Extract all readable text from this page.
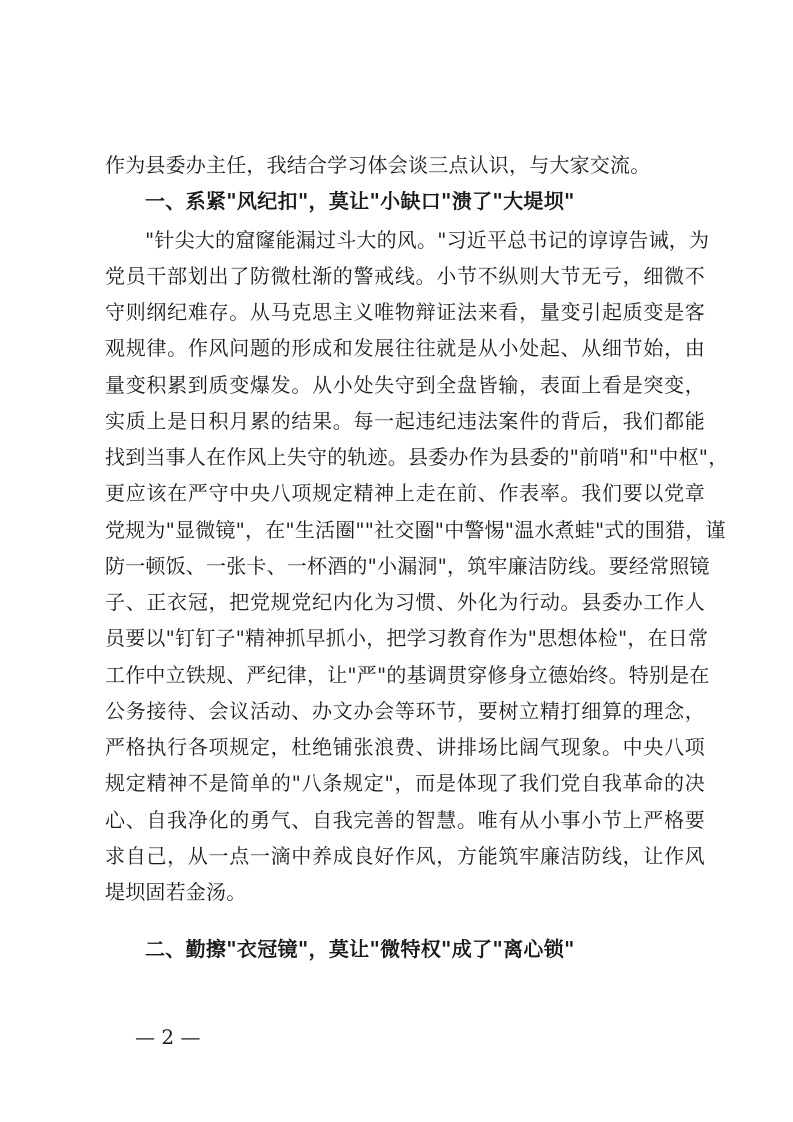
作为县委办主任，我结合学习体会谈三点认识，与大家交流。
一、系紧"风纪扣"，莫让"小缺口"溃了"大堤坝"
"针尖大的窟窿能漏过斗大的风。"习近平总书记的谆谆告诫，为
党员干部划出了防微杜渐的警戒线。小节不纵则大节无亏，细微不
守则纲纪难存。从马克思主义唯物辩证法来看，量变引起质变是客
观规律。作风问题的形成和发展往往就是从小处起、从细节始，由
量变积累到质变爆发。从小处失守到全盘皆输，表面上看是突变，
实质上是日积月累的结果。每一起违纪违法案件的背后，我们都能
找到当事人在作风上失守的轨迹。县委办作为县委的"前哨"和"中枢"，
更应该在严守中央八项规定精神上走在前、作表率。我们要以党章
党规为"显微镜"，在"生活圈""社交圈"中警惕"温水煮蛙"式的围猎，谨
防一顿饭、一张卡、一杯酒的"小漏洞"，筑牢廉洁防线。要经常照镜
子、正衣冠，把党规党纪内化为习惯、外化为行动。县委办工作人
员要以"钉钉子"精神抓早抓小，把学习教育作为"思想体检"，在日常
工作中立铁规、严纪律，让"严"的基调贯穿修身立德始终。特别是在
公务接待、会议活动、办文办会等环节，要树立精打细算的理念，
严格执行各项规定，杜绝铺张浪费、讲排场比阔气现象。中央八项
规定精神不是简单的"八条规定"，而是体现了我们党自我革命的决
心、自我净化的勇气、自我完善的智慧。唯有从小事小节上严格要
求自己，从一点一滴中养成良好作风，方能筑牢廉洁防线，让作风
堤坝固若金汤。
二、勤擦"衣冠镜"，莫让"微特权"成了"离心锁"
— 2 —
